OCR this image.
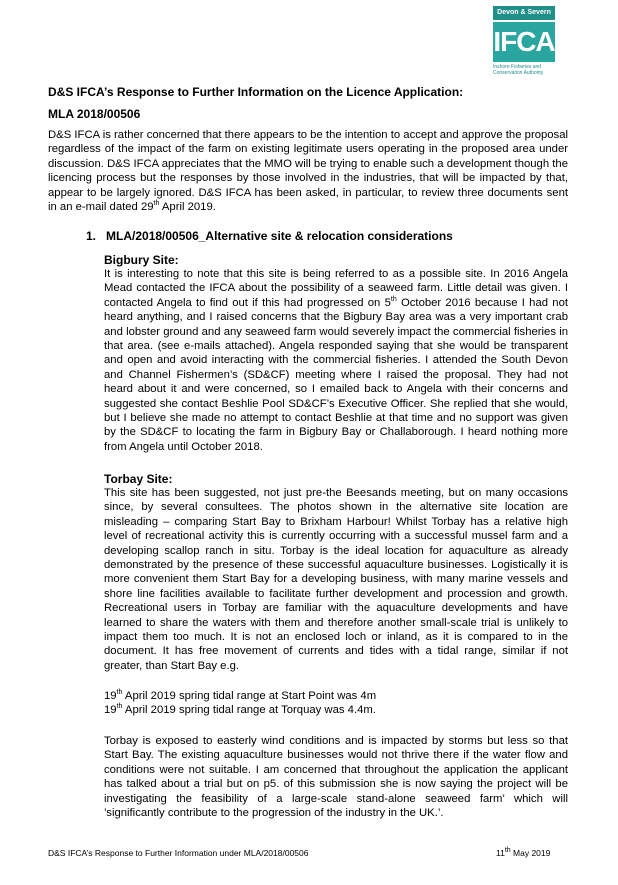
Devon & Severn
IFCA
Inshore Fisheries and Conservation Authority
D&S IFCA’s Response to Further Information on the Licence Application:
MLA 2018/00506

D&S IFCA is rather concerned that there appears to be the intention to accept and approve the proposal regardless of the impact of the farm on existing legitimate users operating in the proposed area under discussion. D&S IFCA appreciates that the MMO will be trying to enable such a development though the licencing process but the responses by those involved in the industries, that will be impacted by that, appear to be largely ignored. D&S IFCA has been asked, in particular, to review three documents sent in an e-mail dated 29th April 2019.

1. MLA/2018/00506_Alternative site & relocation considerations
Bigbury Site:

It is interesting to note that this site is being referred to as a possible site. In 2016 Angela Mead contacted the IFCA about the possibility of a seaweed farm. Little detail was given. I contacted Angela to find out if this had progressed on 5th October 2016 because I had not heard anything, and I raised concerns that the Bigbury Bay area was a very important crab and lobster ground and any seaweed farm would severely impact the commercial fisheries in that area. (see e-mails attached). Angela responded saying that she would be transparent and open and avoid interacting with the commercial fisheries. I attended the South Devon and Channel Fishermen’s (SD&CF) meeting where I raised the proposal. They had not heard about it and were concerned, so I emailed back to Angela with their concerns and suggested she contact Beshlie Pool SD&CF’s Executive Officer. She replied that she would, but I believe she made no attempt to contact Beshlie at that time and no support was given by the SD&CF to locating the farm in Bigbury Bay or Challaborough. I heard nothing more from Angela until October 2018.

Torbay Site:

This site has been suggested, not just pre-the Beesands meeting, but on many occasions since, by several consultees. The photos shown in the alternative site location are misleading – comparing Start Bay to Brixham Harbour! Whilst Torbay has a relative high level of recreational activity this is currently occurring with a successful mussel farm and a developing scallop ranch in situ. Torbay is the ideal location for aquaculture as already demonstrated by the presence of these successful aquaculture businesses. Logistically it is more convenient them Start Bay for a developing business, with many marine vessels and shore line facilities available to facilitate further development and procession and growth. Recreational users in Torbay are familiar with the aquaculture developments and have learned to share the waters with them and therefore another small-scale trial is unlikely to impact them too much. It is not an enclosed loch or inland, as it is compared to in the document. It has free movement of currents and tides with a tidal range, similar if not greater, than Start Bay e.g.

19th April 2019 spring tidal range at Start Point was 4m
19th April 2019 spring tidal range at Torquay was 4.4m.

Torbay is exposed to easterly wind conditions and is impacted by storms but less so that Start Bay. The existing aquaculture businesses would not thrive there if the water flow and conditions were not suitable. I am concerned that throughout the application the applicant has talked about a trial but on p5. of this submission she is now saying the project will be investigating the feasibility of a large-scale stand-alone seaweed farm’ which will ’significantly contribute to the progression of the industry in the UK.’.

D&S IFCA’s Response to Further Information under MLA/2018/00506	11th May 2019
